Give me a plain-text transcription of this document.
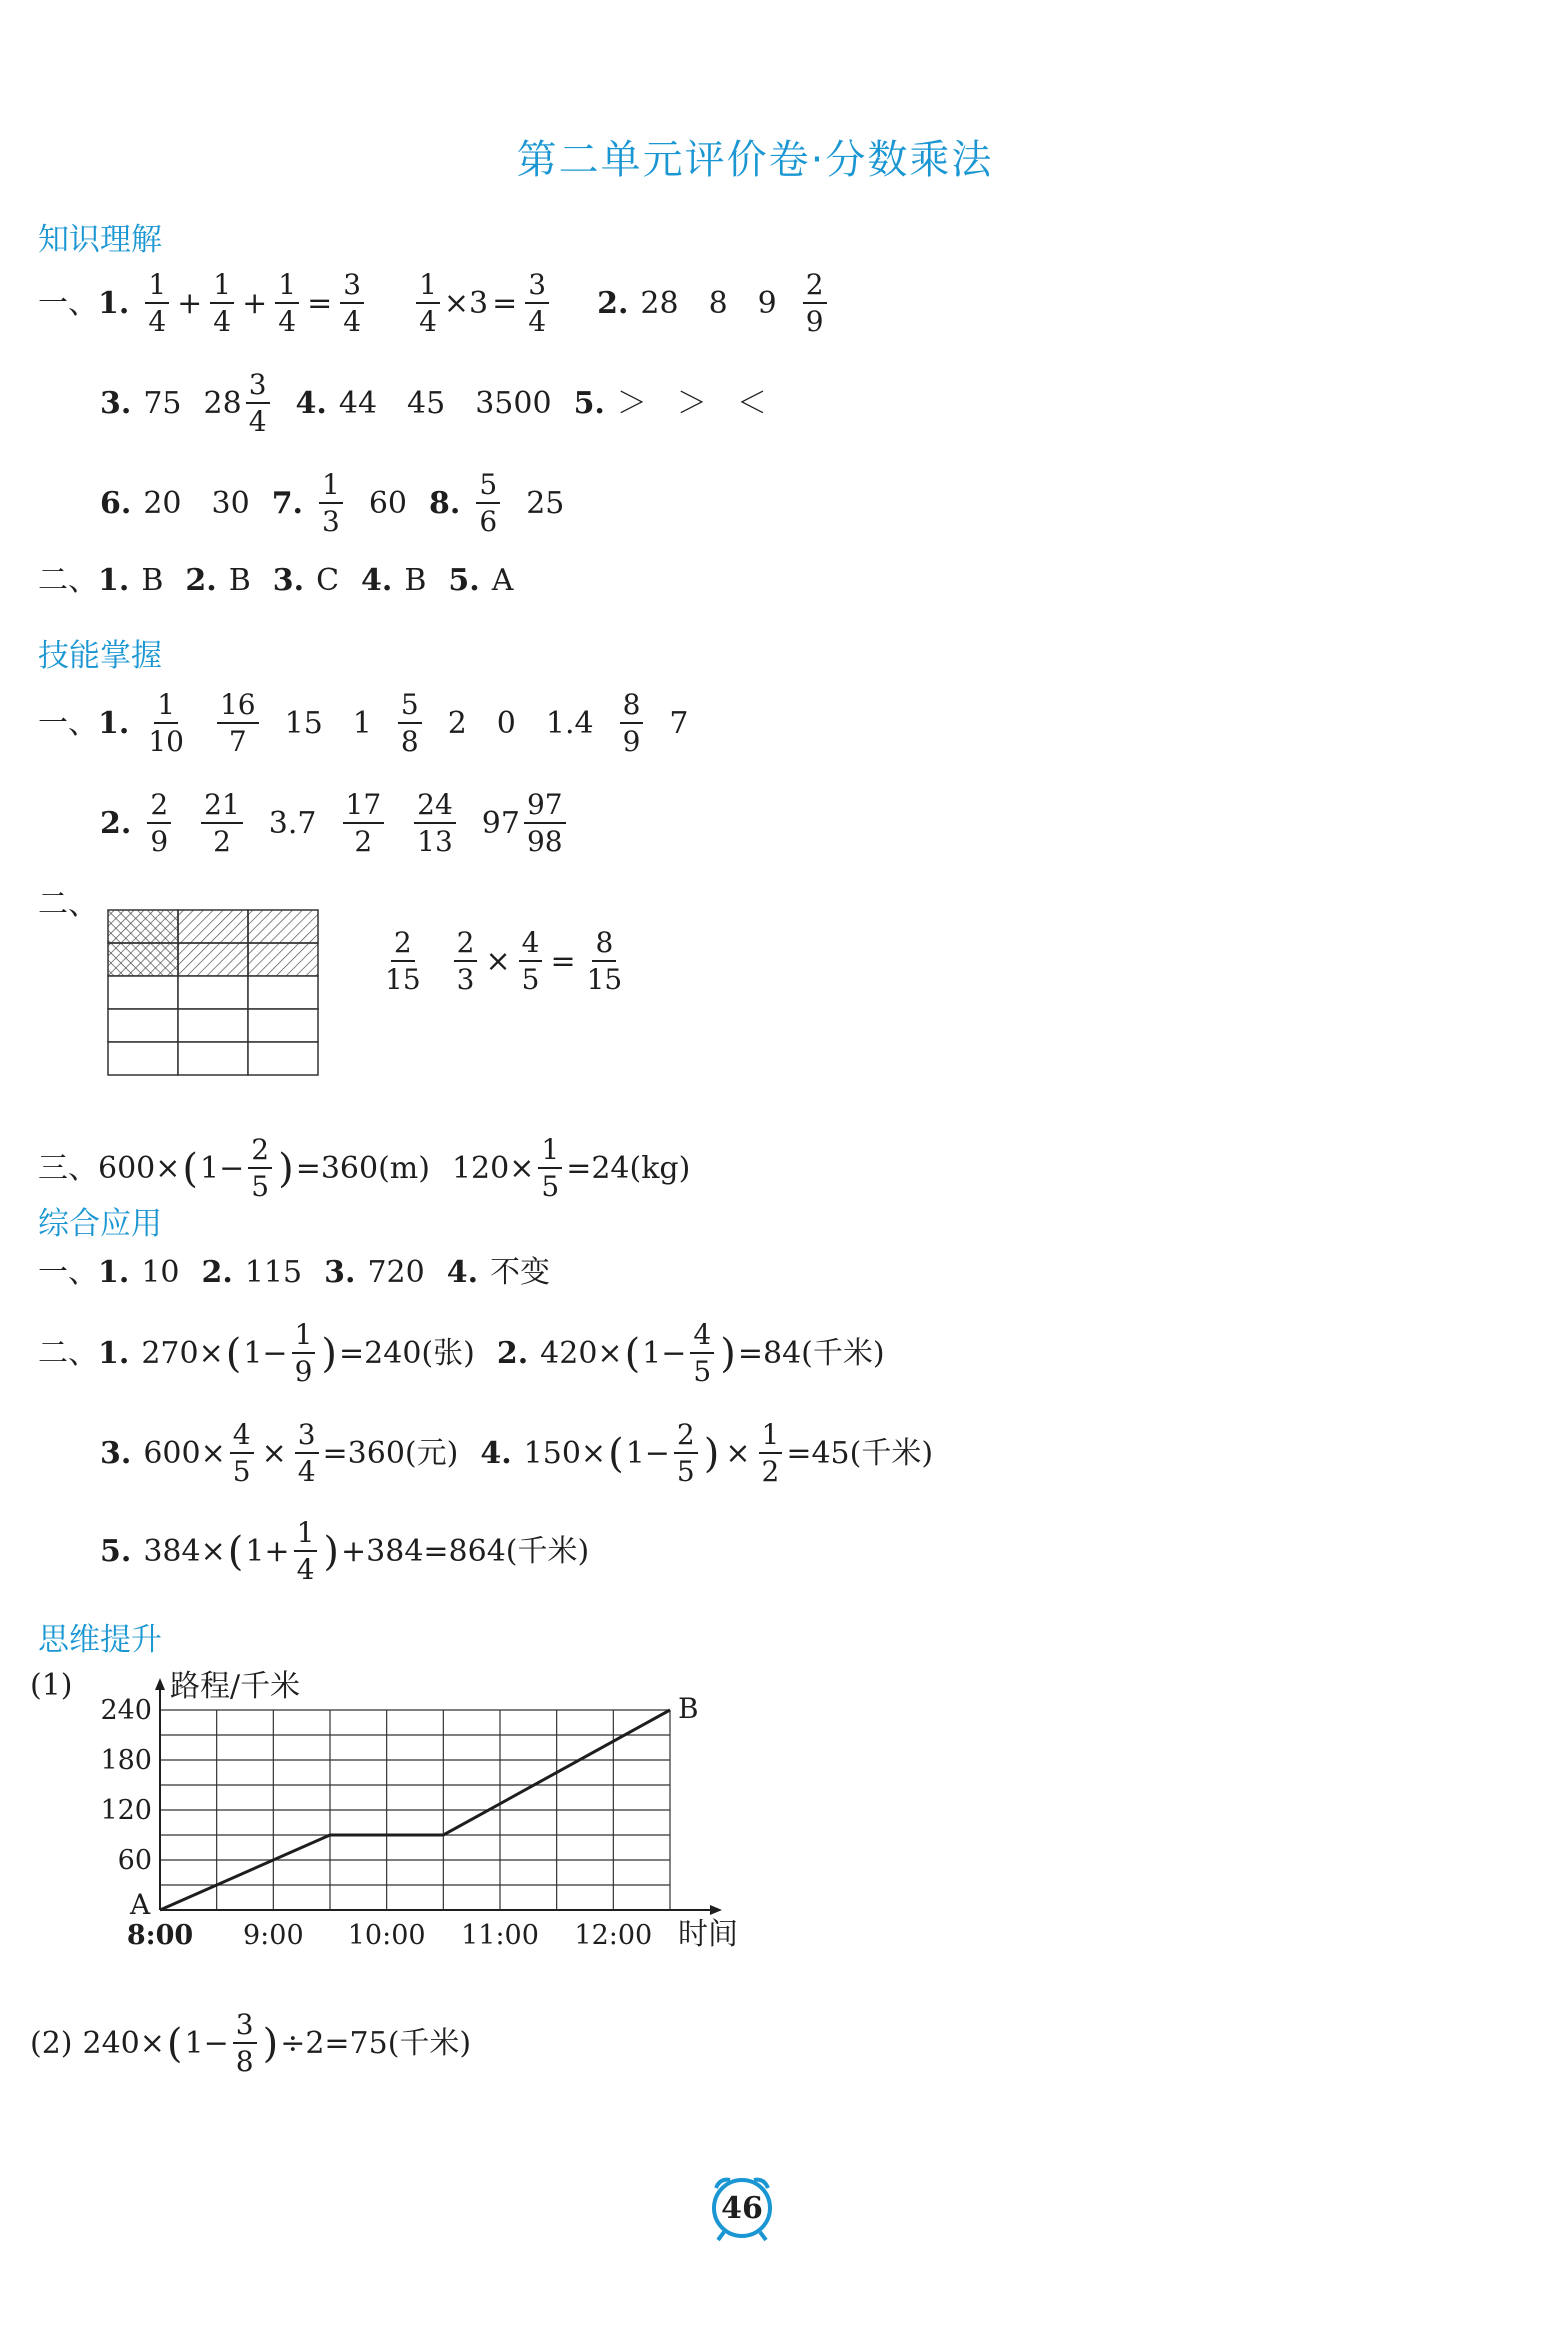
第二单元评价卷·分数乘法
知识理解
一、 1.
1
4
+ $\frac{1}{4} + \frac{1}{4} = \frac{3}{4} \frac{1}{4} \times 3 = \frac{3}{4} 2$. 28　8　9
2
9
3. 75 28
3
4
4. 44　45　3500 5. ＞　＞　＜
6. 20　30 7.
1
3
60 8.
5
6
25
二、 1. B 2. B 3. C 4. B 5. A
技能掌握
一、 1.
1
10
16
7
15　1
5
8
2　0　1.4
8
9
7
2.
2
9
21
2
3.7
17
2
24
13
97
97
98
二、
2
$15 \frac{2}{3} \times \frac{4}{5} = \frac{8}{15}$
三、 600× ( $1- \frac{2}{5}$ ) =360(m) $120\times \frac{1}{5} =24(kg)$
综合应用
一、 1. 10 2. 115 3. 720 4. 不变
二、 1. 270× ( $1- \frac{1}{9}$ ) =240(张) 2. 420× ( $1- \frac{4}{5}$ ) =84(千米)
3. $600\times \frac{4}{5} \times \frac{3}{4} =360$(元) 4. 150× ( $1- \frac{2}{5}$ ) × $\frac{1}{2} =45$(千米)
5. 384× ( $1+ \frac{1}{4}$ ) +384=864(千米)
思维提升
(1)
240
180
120
60
8:00 9:00 10:00 11:00 12:00
路程/千米
时间
A
B
(2) 240× ( $1- \frac{3}{8}$ ) ÷2=75(千米)
46
